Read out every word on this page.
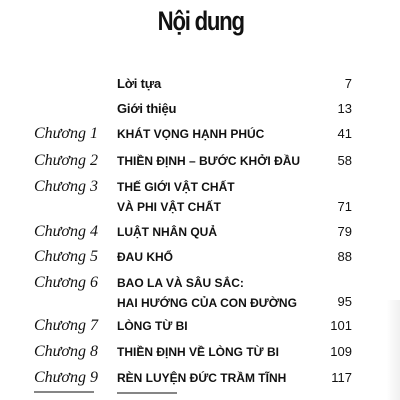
Nội dung
Lời tựa	7
Giới thiệu	13
Chương 1 KHÁT VỌNG HẠNH PHÚC	41
Chương 2 THIỀN ĐỊNH – BƯỚC KHỞI ĐẦU	58
Chương 3 THẾ GIỚI VẬT CHẤT
VÀ PHI VẬT CHẤT	71
Chương 4 LUẬT NHÂN QUẢ	79
Chương 5 ĐAU KHỔ	88
Chương 6 BAO LA VÀ SÂU SẮC:
HAI HƯỚNG CỦA CON ĐƯỜNG	95
Chương 7 LÒNG TỪ BI	101
Chương 8 THIỀN ĐỊNH VỀ LÒNG TỪ BI	109
Chương 9 RÈN LUYỆN ĐỨC TRẦM TĨNH	117
